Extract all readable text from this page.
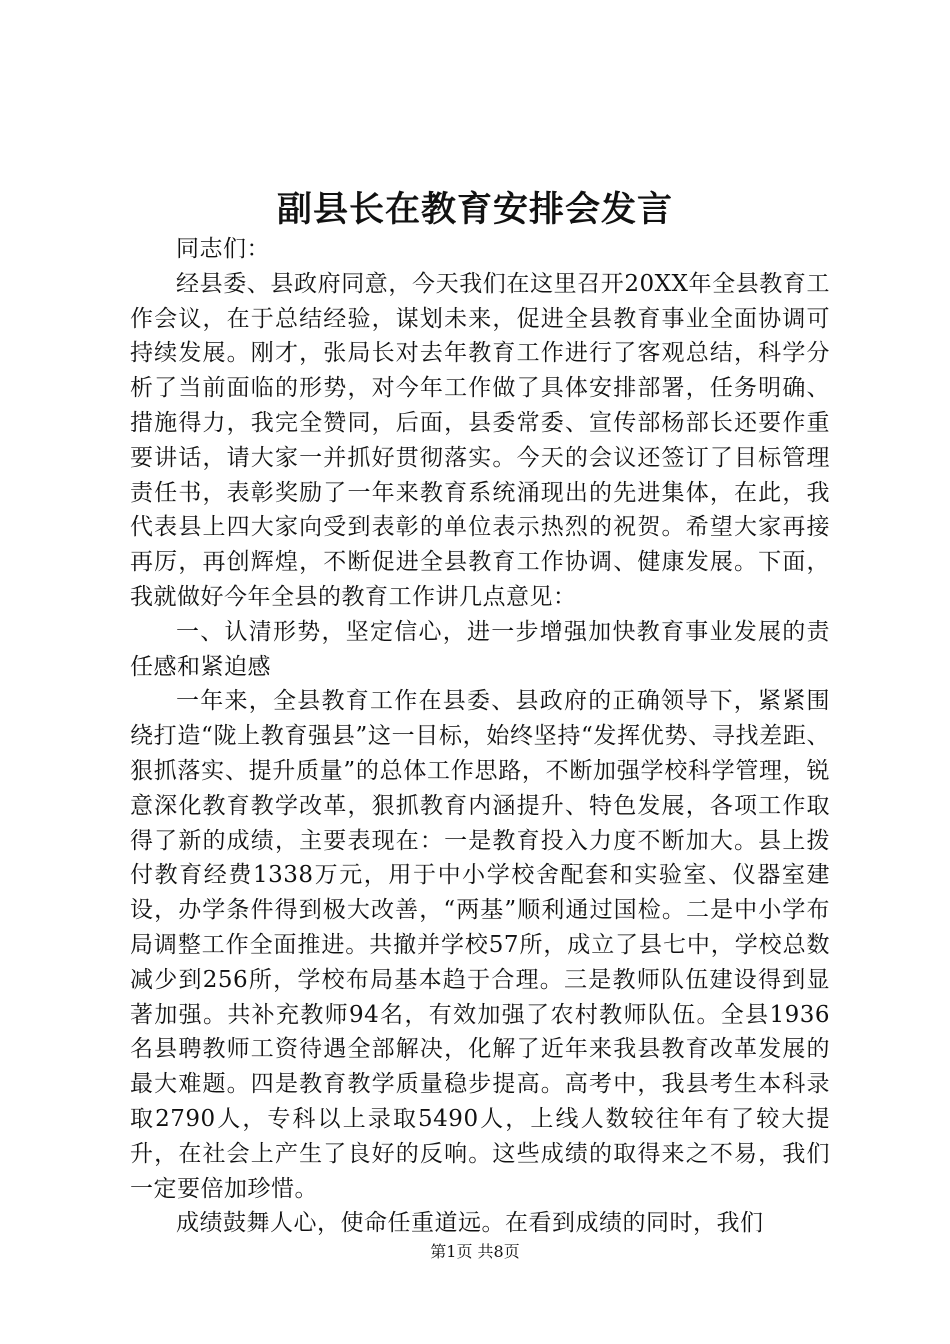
副县长在教育安排会发言

同志们：

经县委、县政府同意，今天我们在这里召开20XX年全县教育工作会议，在于总结经验，谋划未来，促进全县教育事业全面协调可持续发展。刚才，张局长对去年教育工作进行了客观总结，科学分析了当前面临的形势，对今年工作做了具体安排部署，任务明确、措施得力，我完全赞同，后面，县委常委、宣传部杨部长还要作重要讲话，请大家一并抓好贯彻落实。今天的会议还签订了目标管理责任书，表彰奖励了一年来教育系统涌现出的先进集体，在此，我代表县上四大家向受到表彰的单位表示热烈的祝贺。希望大家再接再厉，再创辉煌，不断促进全县教育工作协调、健康发展。下面，我就做好今年全县的教育工作讲几点意见：

一、认清形势，坚定信心，进一步增强加快教育事业发展的责任感和紧迫感

一年来，全县教育工作在县委、县政府的正确领导下，紧紧围绕打造“陇上教育强县”这一目标，始终坚持“发挥优势、寻找差距、狠抓落实、提升质量”的总体工作思路，不断加强学校科学管理，锐意深化教育教学改革，狠抓教育内涵提升、特色发展，各项工作取得了新的成绩，主要表现在：一是教育投入力度不断加大。县上拨付教育经费1338万元，用于中小学校舍配套和实验室、仪器室建设，办学条件得到极大改善，“两基”顺利通过国检。二是中小学布局调整工作全面推进。共撤并学校57所，成立了县七中，学校总数减少到256所，学校布局基本趋于合理。三是教师队伍建设得到显著加强。共补充教师94名，有效加强了农村教师队伍。全县1936名县聘教师工资待遇全部解决，化解了近年来我县教育改革发展的最大难题。四是教育教学质量稳步提高。高考中，我县考生本科录取2790人，专科以上录取5490人，上线人数较往年有了较大提升，在社会上产生了良好的反响。这些成绩的取得来之不易，我们一定要倍加珍惜。

成绩鼓舞人心，使命任重道远。在看到成绩的同时，我们

第1页 共8页
